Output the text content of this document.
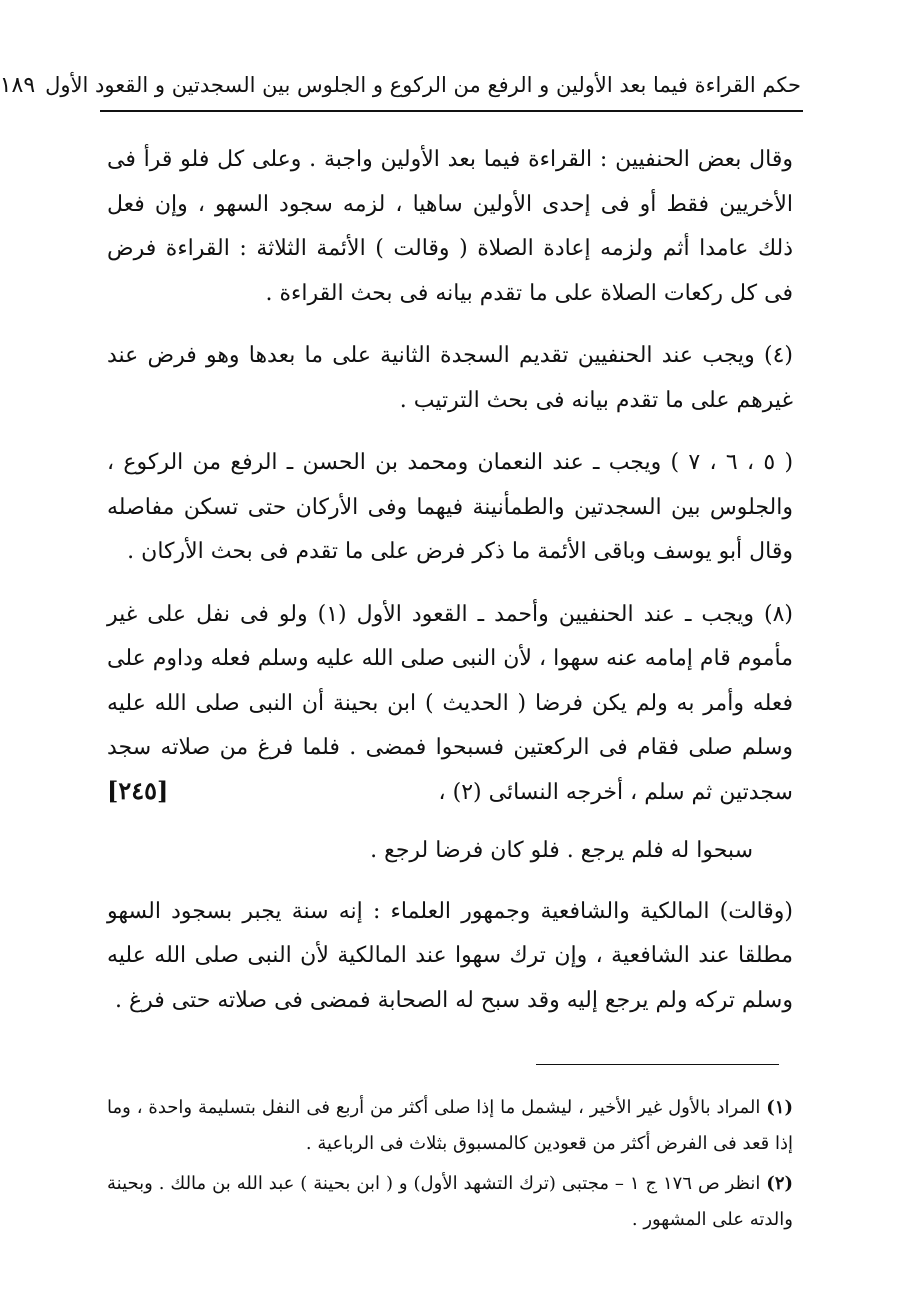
حكم القراءة فيما بعد الأولين و الرفع من الركوع و الجلوس بين السجدتين و القعود الأول
١٨٩

وقال بعض الحنفيين : القراءة فيما بعد الأولين واجبة . وعلى كل فلو قرأ فى الأخريين فقط أو فى إحدى الأولين ساهيا ، لزمه سجود السهو ، وإن فعل ذلك عامدا أثم ولزمه إعادة الصلاة ( وقالت ) الأئمة الثلاثة : القراءة فرض فى كل ركعات الصلاة على ما تقدم بيانه فى بحث القراءة .

(٤) ويجب عند الحنفيين تقديم السجدة الثانية على ما بعدها وهو فرض عند غيرهم على ما تقدم بيانه فى بحث الترتيب .

( ٥ ، ٦ ، ٧ ) ويجب ـ عند النعمان ومحمد بن الحسن ـ الرفع من الركوع ، والجلوس بين السجدتين والطمأنينة فيهما وفى الأركان حتى تسكن مفاصله وقال أبو يوسف وباقى الأئمة ما ذكر فرض على ما تقدم فى بحث الأركان .

(٨) ويجب ـ عند الحنفيين وأحمد ـ القعود الأول (١) ولو فى نفل على غير مأموم قام إمامه عنه سهوا ، لأن النبى صلى الله عليه وسلم فعله وداوم على فعله وأمر به ولم يكن فرضا ( الحديث ) ابن بحينة أن النبى صلى الله عليه وسلم صلى فقام فى الركعتين فسبحوا فمضى . فلما فرغ من صلاته سجد سجدتين ثم سلم ، أخرجه النسائى (٢) ،
[٢٤٥]

سبحوا له فلم يرجع . فلو كان فرضا لرجع .

(وقالت) المالكية والشافعية وجمهور العلماء : إنه سنة يجبر بسجود السهو مطلقا عند الشافعية ، وإن ترك سهوا عند المالكية لأن النبى صلى الله عليه وسلم تركه ولم يرجع إليه وقد سبح له الصحابة فمضى فى صلاته حتى فرغ .

(١) المراد بالأول غير الأخير ، ليشمل ما إذا صلى أكثر من أربع فى النفل بتسليمة واحدة ، وما إذا قعد فى الفرض أكثر من قعودين كالمسبوق بثلاث فى الرباعية .

(٢) انظر ص ١٧٦ ج ١ – مجتبى (ترك التشهد الأول) و ( ابن بحينة ) عبد الله بن مالك . وبحينة والدته على المشهور .
